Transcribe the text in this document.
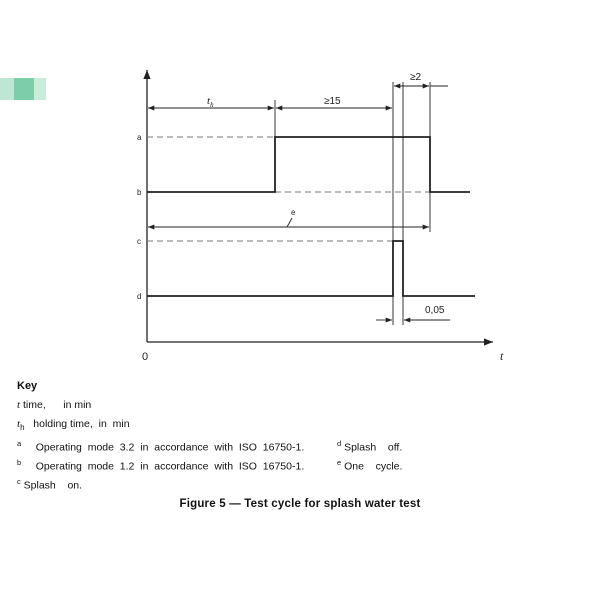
$t_h$	≥15
≥2
e
0,05
a
b
c
d
0	t
Key
t time,      in min
$t_h$   holding time,  in  min
$^a$     Operating  mode  3.2  in  accordance  with  ISO  16750-1.	$^d$ Splash    off.
$^b$     Operating  mode  1.2  in  accordance  with  ISO  16750-1.	$^e$ One    cycle.
$^c$ Splash    on.
Figure 5 — Test cycle for splash water test
